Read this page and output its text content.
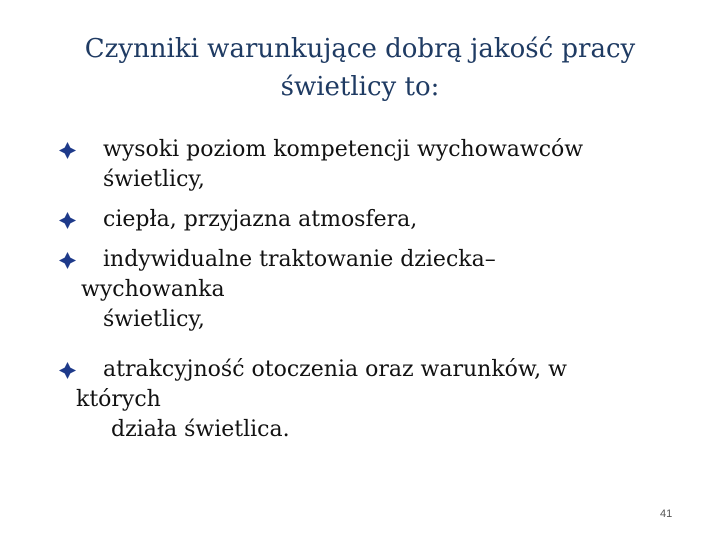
Czynniki warunkujące dobrą jakość pracy
świetlicy to:
wysoki poziom kompetencji wychowawców
świetlicy,
ciepła, przyjazna atmosfera,
indywidualne traktowanie dziecka–
wychowanka
świetlicy,
atrakcyjność otoczenia oraz warunków, w
których
działa świetlica.
41
